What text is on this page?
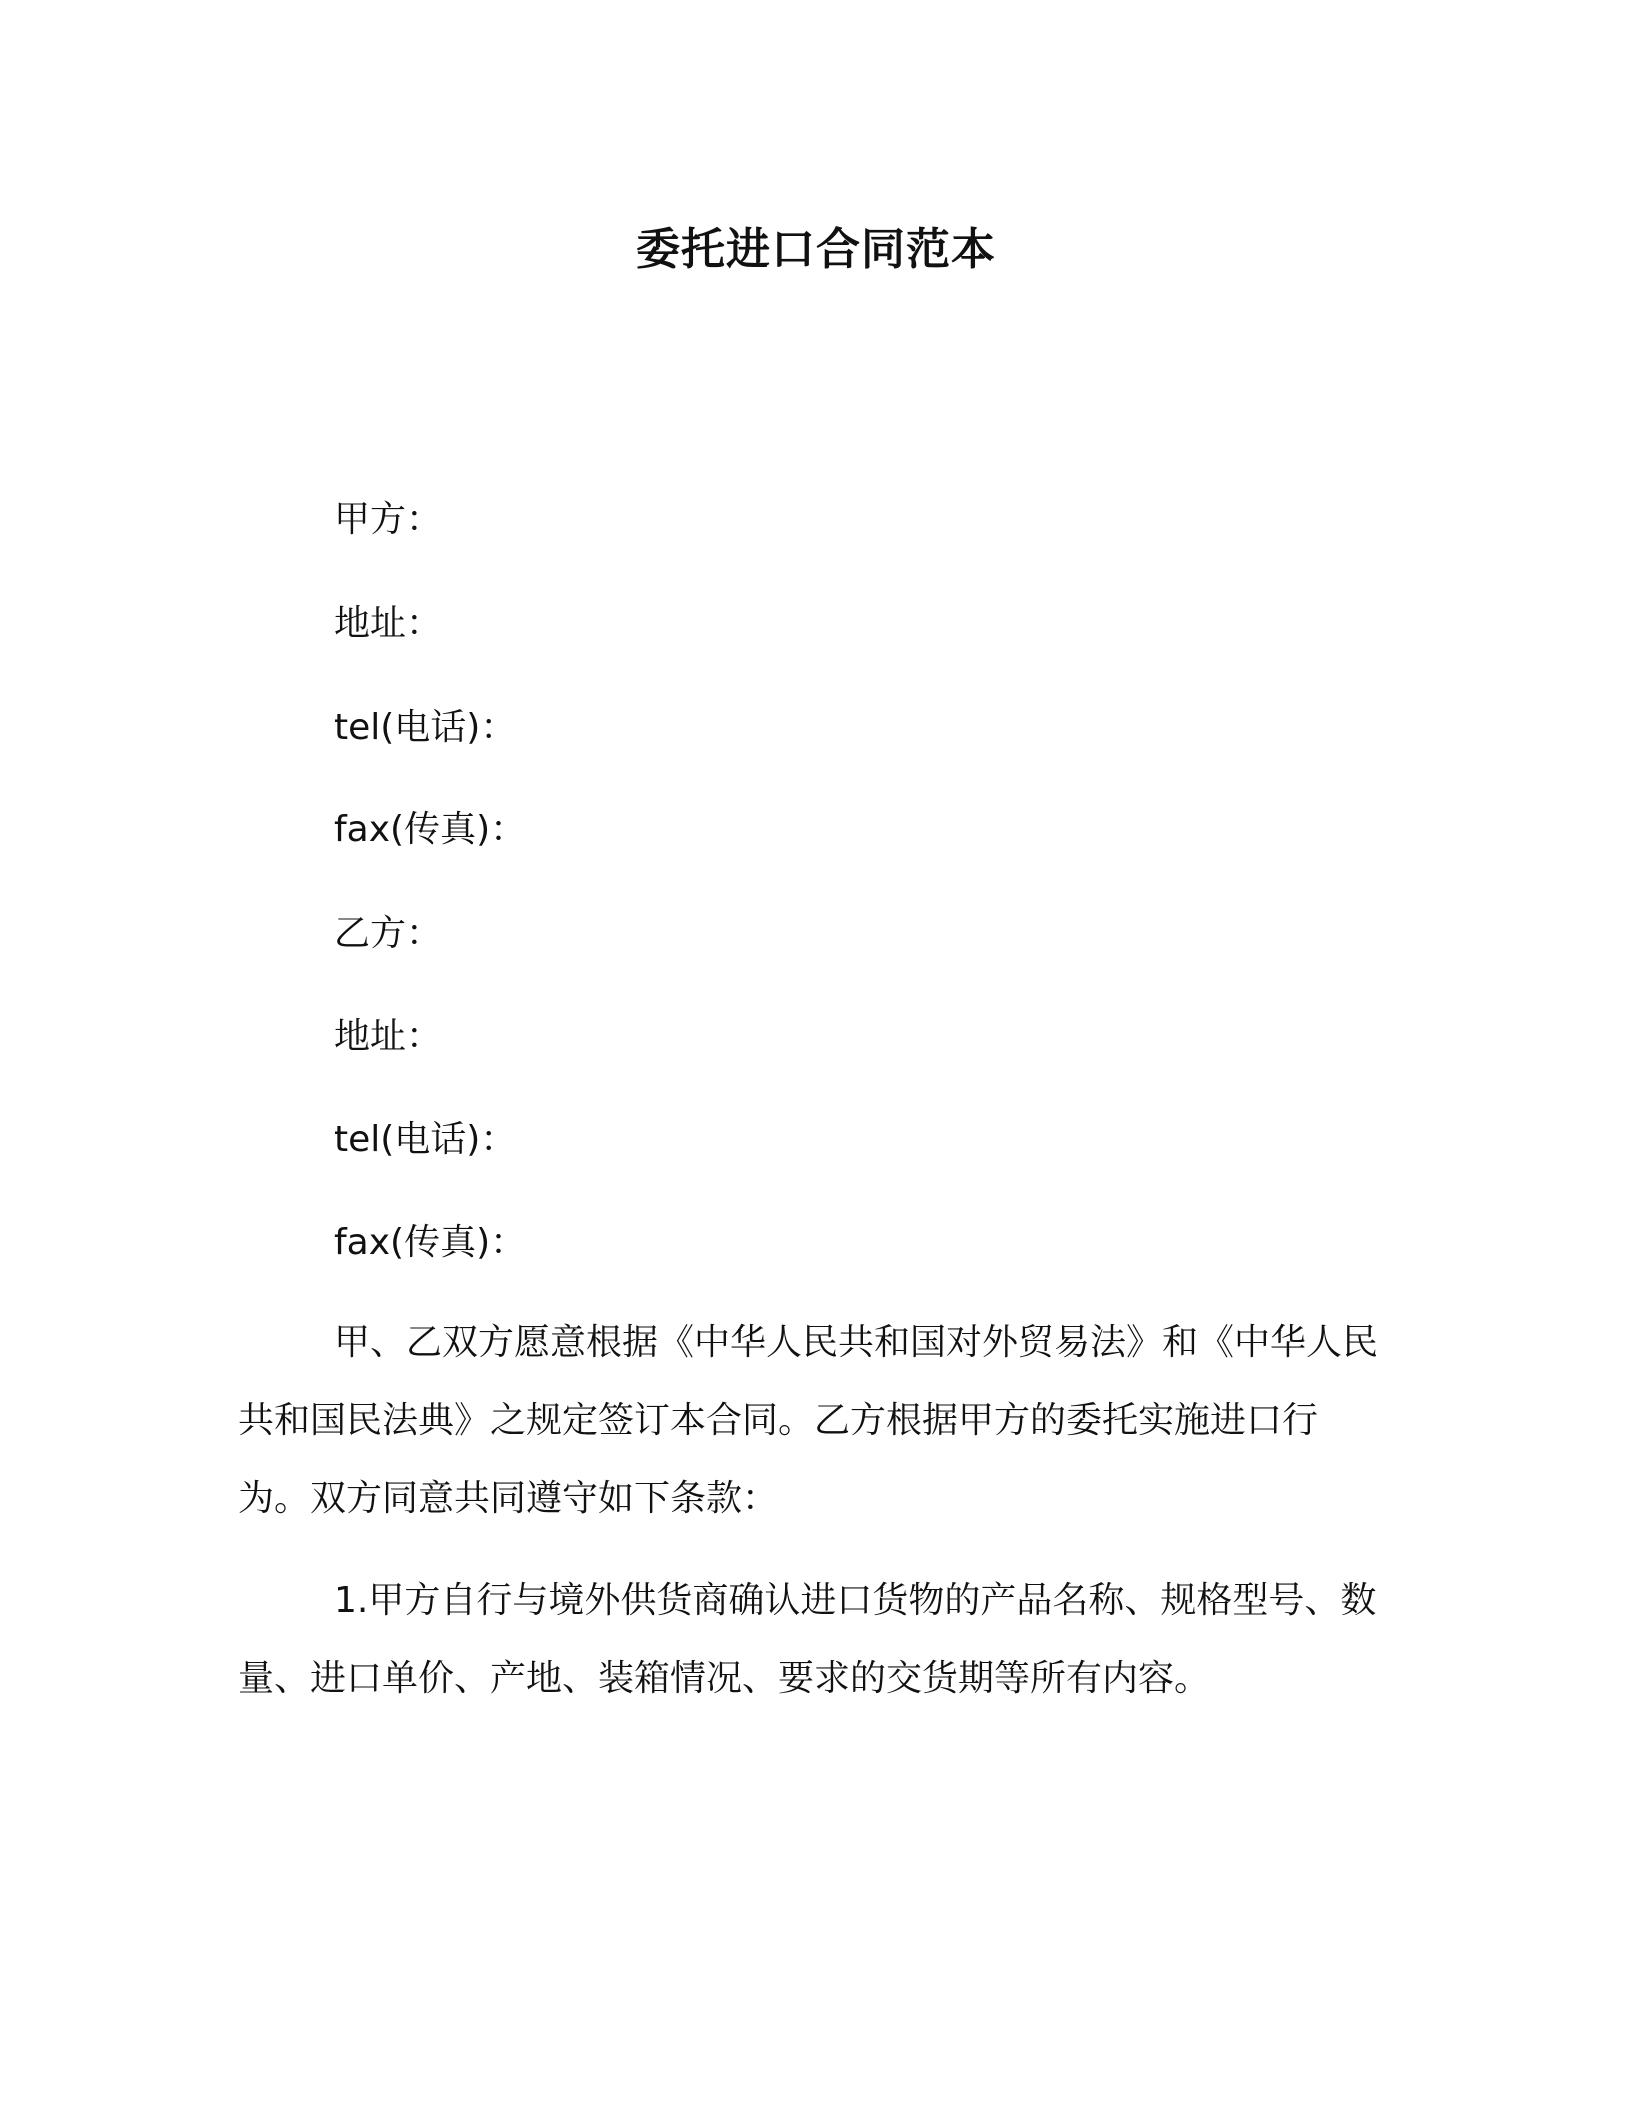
委托进口合同范本
甲方：
地址：
tel(电话)：
fax(传真)：
乙方：
地址：
tel(电话)：
fax(传真)：
甲、乙双方愿意根据《中华人民共和国对外贸易法》和《中华人民共和国民法典》之规定签订本合同。乙方根据甲方的委托实施进口行为。双方同意共同遵守如下条款：
1.甲方自行与境外供货商确认进口货物的产品名称、规格型号、数量、进口单价、产地、装箱情况、要求的交货期等所有内容。
